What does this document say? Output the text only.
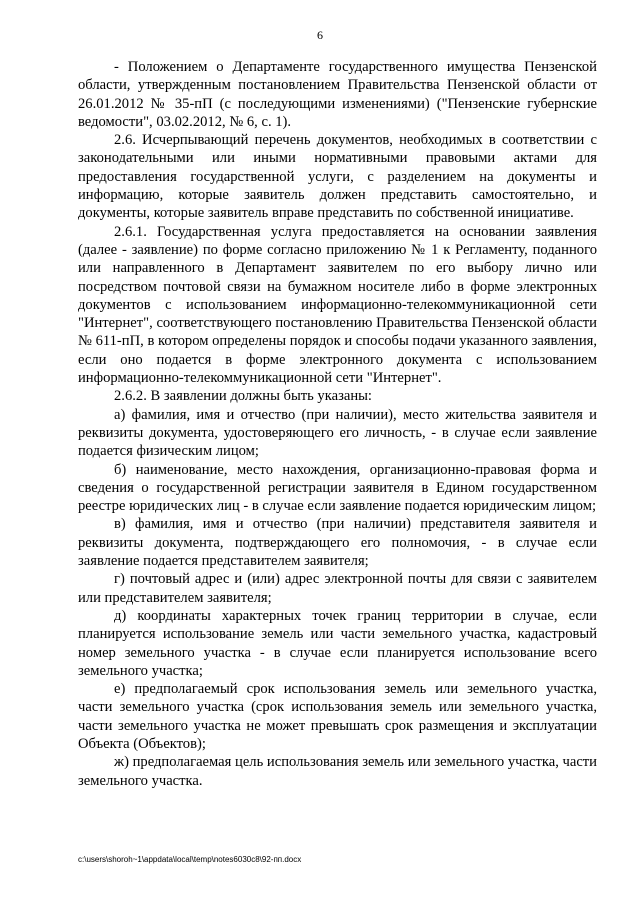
6

- Положением о Департаменте государственного имущества Пензенской области, утвержденным постановлением Правительства Пензенской области от 26.01.2012 № 35-пП (с последующими изменениями) ("Пензенские губернские ведомости", 03.02.2012, № 6, с. 1).

2.6. Исчерпывающий перечень документов, необходимых в соответствии с законодательными или иными нормативными правовыми актами для предоставления государственной услуги, с разделением на документы и информацию, которые заявитель должен представить самостоятельно, и документы, которые заявитель вправе представить по собственной инициативе.

2.6.1. Государственная услуга предоставляется на основании заявления (далее - заявление) по форме согласно приложению № 1 к Регламенту, поданного или направленного в Департамент заявителем по его выбору лично или посредством почтовой связи на бумажном носителе либо в форме электронных документов с использованием информационно-телекоммуникационной сети "Интернет", соответствующего постановлению Правительства Пензенской области № 611-пП, в котором определены порядок и способы подачи указанного заявления, если оно подается в форме электронного документа с использованием информационно-телекоммуникационной сети "Интернет".

2.6.2. В заявлении должны быть указаны:

а) фамилия, имя и отчество (при наличии), место жительства заявителя и реквизиты документа, удостоверяющего его личность, - в случае если заявление подается физическим лицом;

б) наименование, место нахождения, организационно-правовая форма и сведения о государственной регистрации заявителя в Едином государственном реестре юридических лиц - в случае если заявление подается юридическим лицом;

в) фамилия, имя и отчество (при наличии) представителя заявителя и реквизиты документа, подтверждающего его полномочия, - в случае если заявление подается представителем заявителя;

г) почтовый адрес и (или) адрес электронной почты для связи с заявителем или представителем заявителя;

д) координаты характерных точек границ территории в случае, если планируется использование земель или части земельного участка, кадастровый номер земельного участка - в случае если планируется использование всего земельного участка;

е) предполагаемый срок использования земель или земельного участка, части земельного участка (срок использования земель или земельного участка, части земельного участка не может превышать срок размещения и эксплуатации Объекта (Объектов);

ж) предполагаемая цель использования земель или земельного участка, части земельного участка.

c:\users\shoroh~1\appdata\local\temp\notes6030c8\92-пп.docx
